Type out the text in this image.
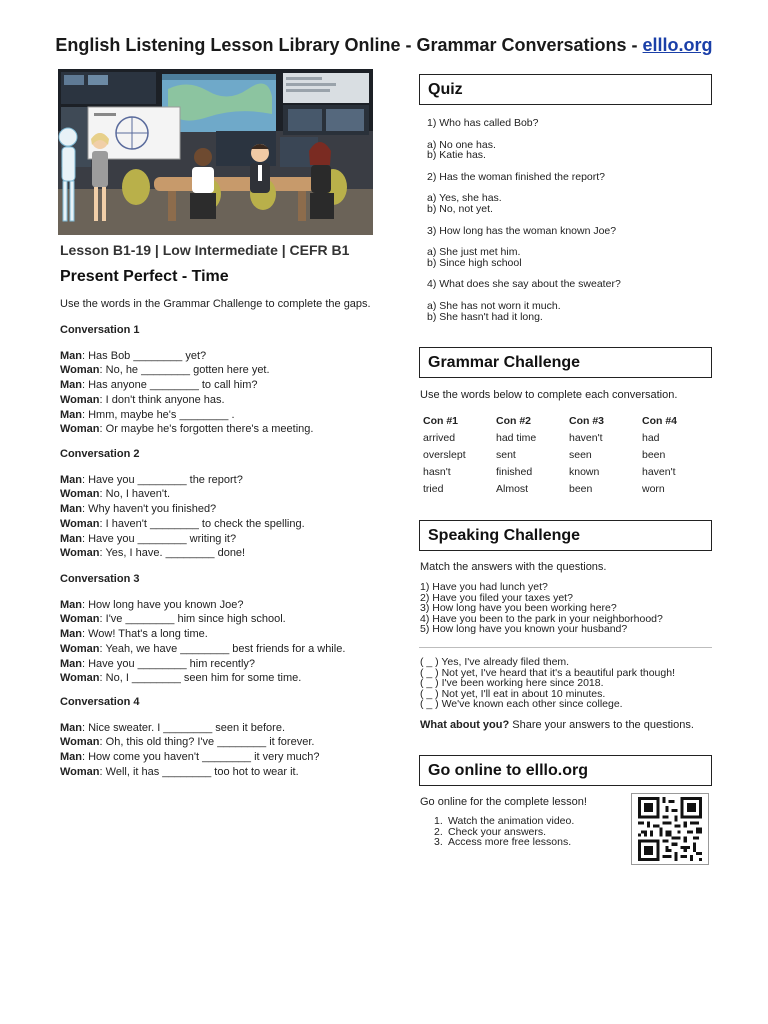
English Listening Lesson Library Online - Grammar Conversations - elllo.org
Lesson B1-19 | Low Intermediate | CEFR B1
Present Perfect - Time
Use the words in the Grammar Challenge to complete the gaps.
Conversation 1
Man: Has Bob ________ yet?
Woman: No, he ________ gotten here yet.
Man: Has anyone ________ to call him?
Woman: I don't think anyone has.
Man: Hmm, maybe he's ________ .
Woman: Or maybe he's forgotten there's a meeting.
Conversation 2
Man: Have you ________ the report?
Woman: No, I haven't.
Man: Why haven't you finished?
Woman: I haven't ________ to check the spelling.
Man: Have you ________ writing it?
Woman: Yes, I have. ________ done!
Conversation 3
Man: How long have you known Joe?
Woman: I've ________ him since high school.
Man: Wow! That's a long time.
Woman: Yeah, we have ________ best friends for a while.
Man: Have you ________ him recently?
Woman: No, I ________ seen him for some time.
Conversation 4
Man: Nice sweater. I ________ seen it before.
Woman: Oh, this old thing? I've ________ it forever.
Man: How come you haven't ________ it very much?
Woman: Well, it has ________ too hot to wear it.
Quiz
1) Who has called Bob?
a) No one has.
b) Katie has.
2) Has the woman finished the report?
a) Yes, she has.
b) No, not yet.
3) How long has the woman known Joe?
a) She just met him.
b) Since high school
4) What does she say about the sweater?
a) She has not worn it much.
b) She hasn't had it long.
Grammar Challenge
Use the words below to complete each conversation.
Con #1	Con #2	Con #3	Con #4
arrived	had time	haven't	had
overslept	sent	seen	been
hasn't	finished	known	haven't
tried	Almost	been	worn
Speaking Challenge
Match the answers with the questions.
1) Have you had lunch yet?
2) Have you filed your taxes yet?
3) How long have you been working here?
4) Have you been to the park in your neighborhood?
5) How long have you known your husband?
( _ ) Yes, I've already filed them.
( _ ) Not yet, I've heard that it's a beautiful park though!
( _ ) I've been working here since 2018.
( _ ) Not yet, I'll eat in about 10 minutes.
( _ ) We've known each other since college.
What about you? Share your answers to the questions.
Go online to elllo.org
Go online for the complete lesson!
1. Watch the animation video.
2. Check your answers.
3. Access more free lessons.
